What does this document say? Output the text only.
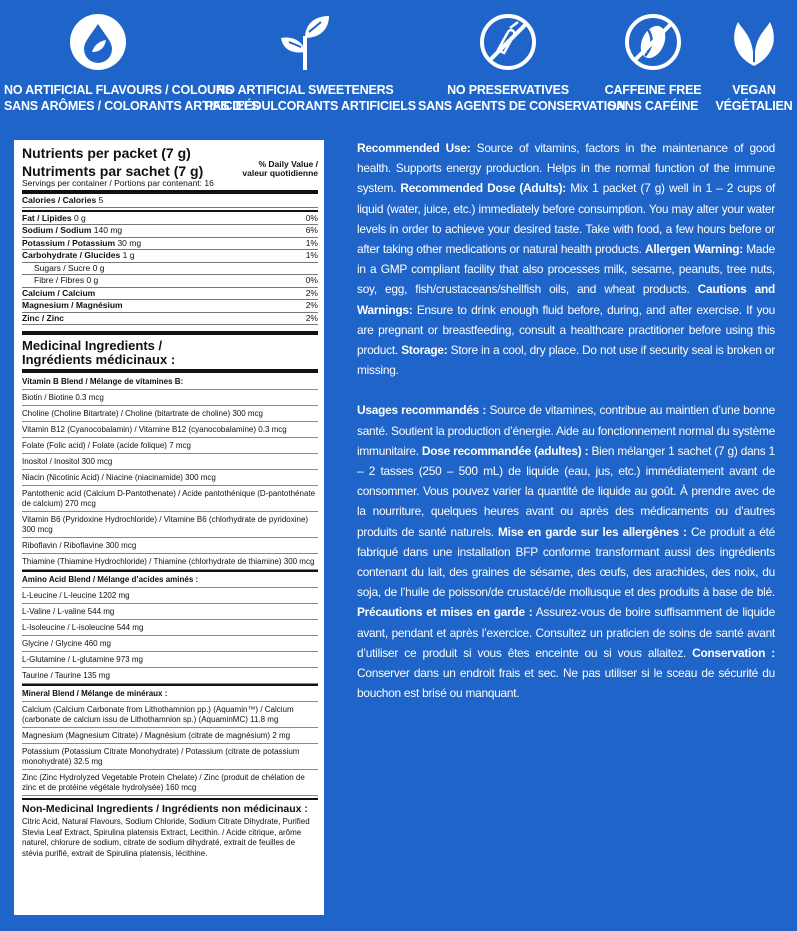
NO ARTIFICIAL FLAVOURS / COLOURS
SANS ARÔMES / COLORANTS ARTIFICIELS
NO ARTIFICIAL SWEETENERS
PAS D’ÉDULCORANTS ARTIFICIELS
NO PRESERVATIVES
SANS AGENTS DE CONSERVATION
CAFFEINE FREE
SANS CAFÉINE
VEGAN
VÉGÉTALIEN
Nutrients per packet (7 g)
Nutriments par sachet (7 g)	% Daily Value /
valeur quotidienne
Servings per container / Portions par contenant: 16
Calories / Calories 5
Fat / Lipides 0 g	0%
Sodium / Sodium 140 mg	6%
Potassium / Potassium 30 mg	1%
Carbohydrate / Glucides 1 g	1%
Sugars / Sucre 0 g
Fibre / Fibres 0 g	0%
Calcium / Calcium	2%
Magnesium / Magnésium	2%
Zinc / Zinc	2%
Medicinal Ingredients /
Ingrédients médicinaux :
Vitamin B Blend / Mélange de vitamines B:
Biotin / Biotine 0.3 mcg
Choline (Choline Bitartrate) / Choline (bitartrate de choline) 300 mcg
Vitamin B12 (Cyanocobalamin) / Vitamine B12 (cyanocobalamine) 0.3 mcg
Folate (Folic acid) / Folate (acide folique) 7 mcg
Inositol / Inositol 300 mcg
Niacin (Nicotinic Acid) / Niacine (niacinamide) 300 mcg
Pantothenic acid (Calcium D-Pantothenate) / Acide pantothénique (D-pantothénate de calcium) 270 mcg
Vitamin B6 (Pyridoxine Hydrochloride) / Vitamine B6 (chlorhydrate de pyridoxine) 300 mcg
Riboflavin / Riboflavine 300 mcg
Thiamine (Thiamine Hydrochloride) / Thiamine (chlorhydrate de thiamine) 300 mcg
Amino Acid Blend / Mélange d’acides aminés :
L-Leucine / L-leucine 1202 mg
L-Valine / L-valine 544 mg
L-Isoleucine / L-isoleucine 544 mg
Glycine / Glycine 460 mg
L-Glutamine / L-glutamine 973 mg
Taurine / Taurine 135 mg
Mineral Blend / Mélange de minéraux :
Calcium (Calcium Carbonate from Lithothamnion pp.) (Aquamin™) / Calcium (carbonate de calcium issu de Lithothamnion sp.) (AquaminMC) 11.8 mg
Magnesium (Magnesium Citrate) / Magnésium (citrate de magnésium) 2 mg
Potassium (Potassium Citrate Monohydrate) / Potassium (citrate de potassium monohydraté) 32.5 mg
Zinc (Zinc Hydrolyzed Vegetable Protein Chelate) / Zinc (produit de chélation de zinc et de protéine végétale hydrolysée) 160 mcg
Non-Medicinal Ingredients / Ingrédients non médicinaux :
Citric Acid, Natural Flavours, Sodium Chloride, Sodium Citrate Dihydrate, Purified Stevia Leaf Extract, Spirulina platensis Extract, Lecithin. / Acide citrique, arôme naturel, chlorure de sodium, citrate de sodium dihydraté, extrait de feuilles de stévia purifié, extrait de Spirulina platensis, lécithine.

Recommended Use: Source of vitamins, factors in the maintenance of good health. Supports energy production. Helps in the normal function of the immune system. Recommended Dose (Adults): Mix 1 packet (7 g) well in 1 – 2 cups of liquid (water, juice, etc.) immediately before consumption. You may alter your water levels in order to achieve your desired taste. Take with food, a few hours before or after taking other medications or natural health products. Allergen Warning: Made in a GMP compliant facility that also processes milk, sesame, peanuts, tree nuts, soy, egg, fish/crustaceans/shellfish oils, and wheat products. Cautions and Warnings: Ensure to drink enough fluid before, during, and after exercise. If you are pregnant or breastfeeding, consult a healthcare practitioner before using this product. Storage: Store in a cool, dry place. Do not use if security seal is broken or missing.

Usages recommandés : Source de vitamines, contribue au maintien d’une bonne santé. Soutient la production d’énergie. Aide au fonctionnement normal du système immunitaire. Dose recommandée (adultes) : Bien mélanger 1 sachet (7 g) dans 1 – 2 tasses (250 – 500 mL) de liquide (eau, jus, etc.) immédiatement avant de consommer. Vous pouvez varier la quantité de liquide au goût. À prendre avec de la nourriture, quelques heures avant ou après des médicaments ou d’autres produits de santé naturels. Mise en garde sur les allergènes : Ce produit a été fabriqué dans une installation BFP conforme transformant aussi des ingrédients contenant du lait, des graines de sésame, des œufs, des arachides, des noix, du soja, de l’huile de poisson/de crustacé/de mollusque et des produits à base de blé. Précautions et mises en garde : Assurez-vous de boire suffisamment de liquide avant, pendant et après l’exercice. Consultez un praticien de soins de santé avant d’utiliser ce produit si vous êtes enceinte ou si vous allaitez. Conservation : Conserver dans un endroit frais et sec. Ne pas utiliser si le sceau de sécurité du bouchon est brisé ou manquant.
